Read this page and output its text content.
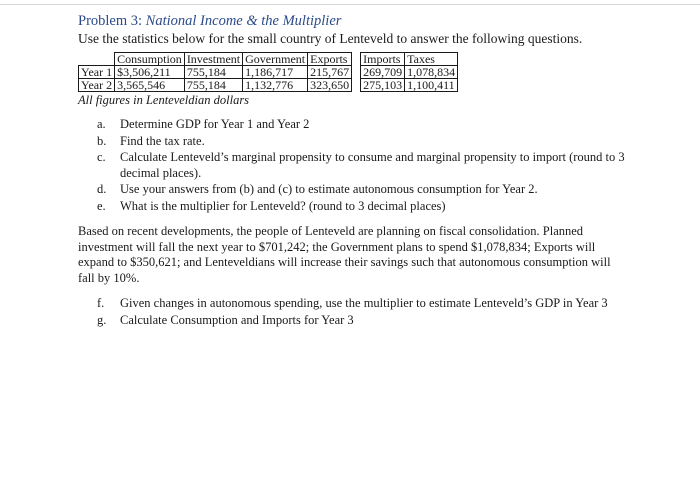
Problem 3: National Income & the Multiplier
Use the statistics below for the small country of Lenteveld to answer the following questions.
	Consumption	Investment	Government	Exports		Imports	Taxes
Year 1	$3,506,211	755,184	1,186,717	215,767		269,709	1,078,834
Year 2	3,565,546	755,184	1,132,776	323,650		275,103	1,100,411
All figures in Lenteveldian dollars
a. Determine GDP for Year 1 and Year 2
b. Find the tax rate.
c. Calculate Lenteveld’s marginal propensity to consume and marginal propensity to import (round to 3 decimal places).
d. Use your answers from (b) and (c) to estimate autonomous consumption for Year 2.
e. What is the multiplier for Lenteveld? (round to 3 decimal places)
Based on recent developments, the people of Lenteveld are planning on fiscal consolidation. Planned investment will fall the next year to $701,242; the Government plans to spend $1,078,834; Exports will expand to $350,621; and Lenteveldians will increase their savings such that autonomous consumption will fall by 10%.
f. Given changes in autonomous spending, use the multiplier to estimate Lenteveld’s GDP in Year 3
g. Calculate Consumption and Imports for Year 3
